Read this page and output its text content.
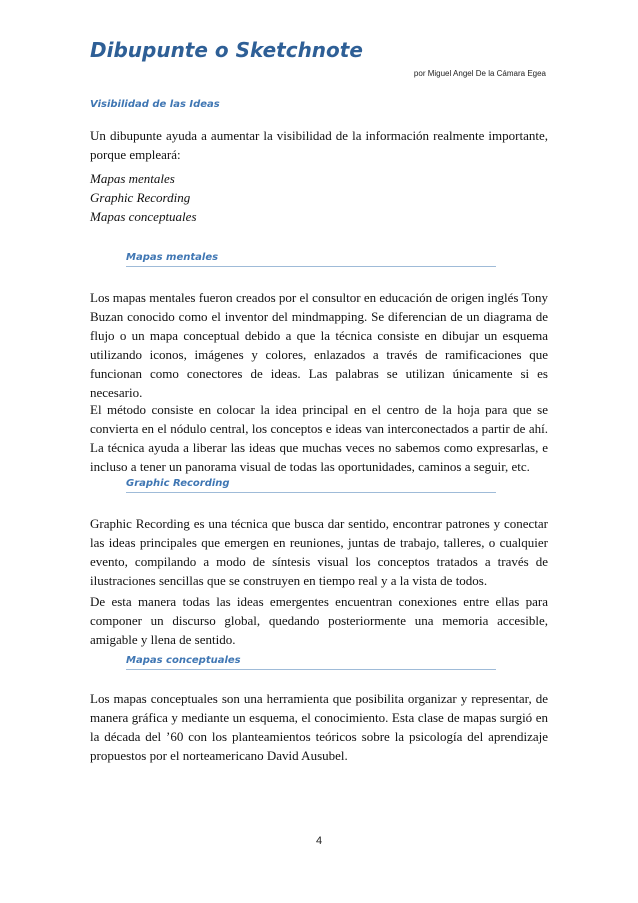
Dibupunte o Sketchnote
por Miguel Angel De la Cámara Egea
Visibilidad de las Ideas

Un dibupunte ayuda a aumentar la visibilidad de la información realmente importante, porque empleará:

Mapas mentales

Graphic Recording

Mapas conceptuales

Mapas mentales

Los mapas mentales fueron creados por el consultor en educación de origen inglés Tony Buzan conocido como el inventor del mindmapping. Se diferencian de un diagrama de flujo o un mapa conceptual debido a que la técnica consiste en dibujar un esquema utilizando iconos, imágenes y colores, enlazados a través de ramificaciones que funcionan como conectores de ideas. Las palabras se utilizan únicamente si es necesario.

El método consiste en colocar la idea principal en el centro de la hoja para que se convierta en el nódulo central, los conceptos e ideas van interconectados a partir de ahí. La técnica ayuda a liberar las ideas que muchas veces no sabemos como expresarlas, e incluso a tener un panorama visual de todas las oportunidades, caminos a seguir, etc.

Graphic Recording

Graphic Recording es una técnica que busca dar sentido, encontrar patrones y conectar las ideas principales que emergen en reuniones, juntas de trabajo, talleres, o cualquier evento, compilando a modo de síntesis visual los conceptos tratados a través de ilustraciones sencillas que se construyen en tiempo real y a la vista de todos.

De esta manera todas las ideas emergentes encuentran conexiones entre ellas para componer un discurso global, quedando posteriormente una memoria accesible, amigable y llena de sentido.

Mapas conceptuales

Los mapas conceptuales son una herramienta que posibilita organizar y representar, de manera gráfica y mediante un esquema, el conocimiento. Esta clase de mapas surgió en la década del ’60 con los planteamientos teóricos sobre la psicología del aprendizaje propuestos por el norteamericano David Ausubel.

4
